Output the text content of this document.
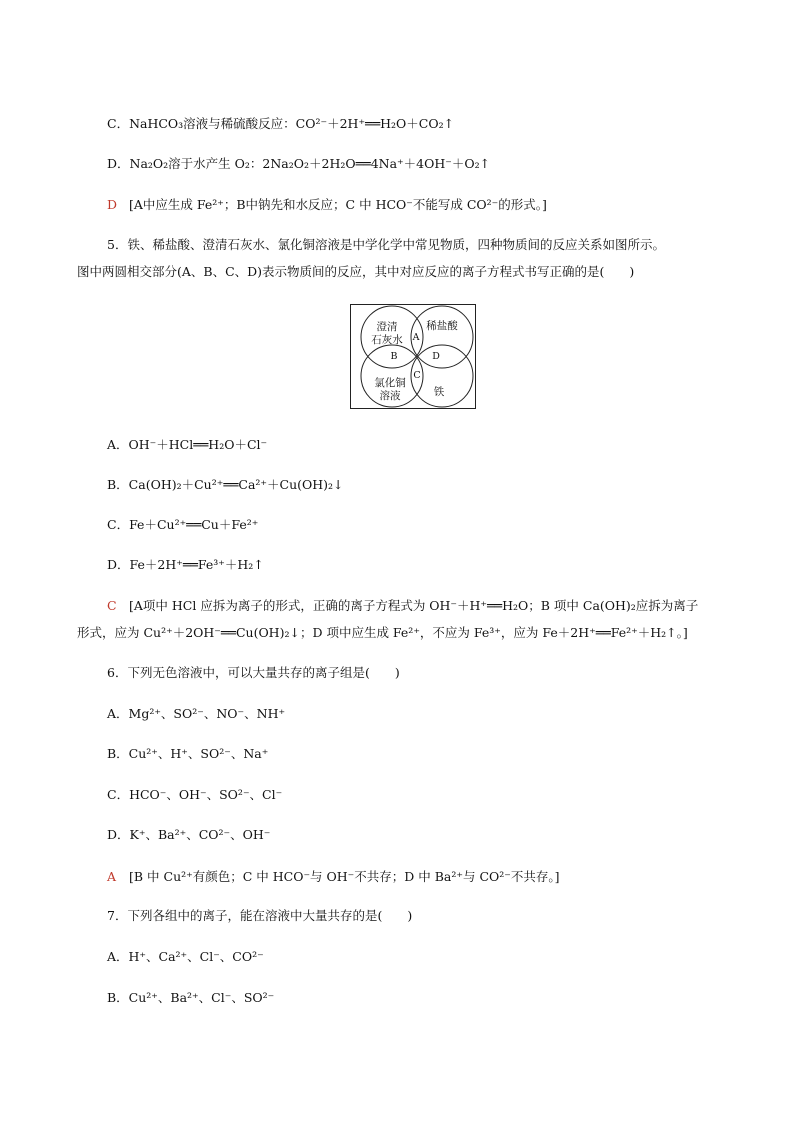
C．NaHCO₃溶液与稀硫酸反应：CO²⁻＋2H⁺══H₂O＋CO₂↑
D．Na₂O₂溶于水产生 O₂：2Na₂O₂＋2H₂O══4Na⁺＋4OH⁻＋O₂↑
D [A中应生成 Fe²⁺；B中钠先和水反应；C 中 HCO⁻不能写成 CO²⁻的形式。]
5．铁、稀盐酸、澄清石灰水、氯化铜溶液是中学化学中常见物质，四种物质间的反应关系如图所示。
图中两圆相交部分(A、B、C、D)表示物质间的反应，其中对应反应的离子方程式书写正确的是(　　)
澄清
石灰水
稀盐酸
氯化铜
溶液	铁
A
B
C
D
A．OH⁻＋HCl══H₂O＋Cl⁻
B．Ca(OH)₂＋Cu²⁺══Ca²⁺＋Cu(OH)₂↓
C．Fe＋Cu²⁺══Cu＋Fe²⁺
D．Fe＋2H⁺══Fe³⁺＋H₂↑
C [A项中 HCl 应拆为离子的形式，正确的离子方程式为 OH⁻＋H⁺══H₂O；B 项中 Ca(OH)₂应拆为离子
形式，应为 Cu²⁺＋2OH⁻══Cu(OH)₂↓；D 项中应生成 Fe²⁺，不应为 Fe³⁺，应为 Fe＋2H⁺══Fe²⁺＋H₂↑。]
6．下列无色溶液中，可以大量共存的离子组是(　　)
A．Mg²⁺、SO²⁻、NO⁻、NH⁺
B．Cu²⁺、H⁺、SO²⁻、Na⁺
C．HCO⁻、OH⁻、SO²⁻、Cl⁻
D．K⁺、Ba²⁺、CO²⁻、OH⁻
A [B 中 Cu²⁺有颜色；C 中 HCO⁻与 OH⁻不共存；D 中 Ba²⁺与 CO²⁻不共存。]
7．下列各组中的离子，能在溶液中大量共存的是(　　)
A．H⁺、Ca²⁺、Cl⁻、CO²⁻
B．Cu²⁺、Ba²⁺、Cl⁻、SO²⁻
